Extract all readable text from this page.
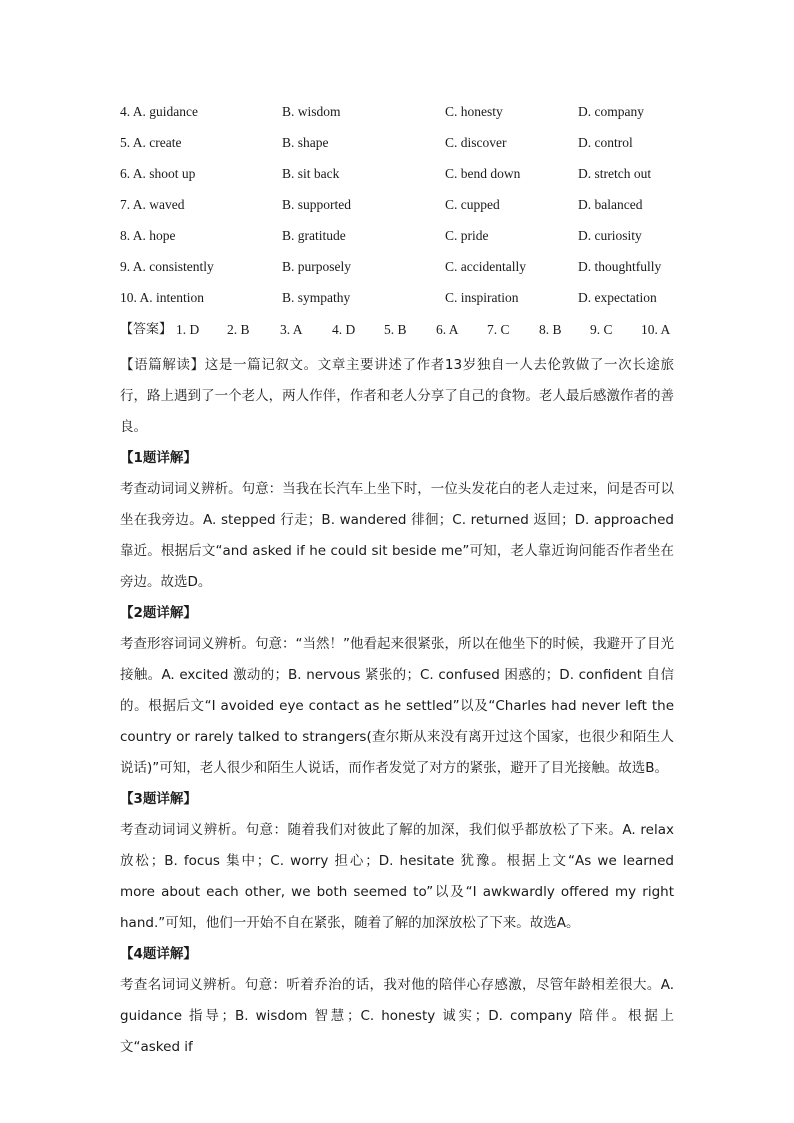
4. A. guidance	B. wisdom	C. honesty	D. company
5. A. create	B. shape	C. discover	D. control
6. A. shoot up	B. sit back	C. bend down	D. stretch out
7. A. waved	B. supported	C. cupped	D. balanced
8. A. hope	B. gratitude	C. pride	D. curiosity
9. A. consistently	B. purposely	C. accidentally	D. thoughtfully
10. A. intention	B. sympathy	C. inspiration	D. expectation
【答案】 1. D 2. B 3. A 4. D 5. B 6. A 7. C 8. B 9. C 10. A

【语篇解读】这是一篇记叙文。文章主要讲述了作者13岁独自一人去伦敦做了一次长途旅行，路上遇到了一个老人，两人作伴，作者和老人分享了自己的食物。老人最后感激作者的善良。

【1题详解】

考查动词词义辨析。句意：当我在长汽车上坐下时，一位头发花白的老人走过来，问是否可以坐在我旁边。A. stepped 行走；B. wandered 徘徊；C. returned 返回；D. approached 靠近。根据后文“and asked if he could sit beside me”可知，老人靠近询问能否作者坐在旁边。故选D。

【2题详解】

考查形容词词义辨析。句意：“当然！”他看起来很紧张，所以在他坐下的时候，我避开了目光接触。A. excited 激动的；B. nervous 紧张的；C. confused 困惑的；D. confident 自信的。根据后文“I avoided eye contact as he settled”以及“Charles had never left the country or rarely talked to strangers(查尔斯从来没有离开过这个国家，也很少和陌生人说话)”可知，老人很少和陌生人说话，而作者发觉了对方的紧张，避开了目光接触。故选B。

【3题详解】

考查动词词义辨析。句意：随着我们对彼此了解的加深，我们似乎都放松了下来。A. relax 放松；B. focus 集中；C. worry 担心；D. hesitate 犹豫。根据上文“As we learned more about each other, we both seemed to”以及“I awkwardly offered my right hand.”可知，他们一开始不自在紧张，随着了解的加深放松了下来。故选A。

【4题详解】

考查名词词义辨析。句意：听着乔治的话，我对他的陪伴心存感激，尽管年龄相差很大。A. guidance 指导；B. wisdom 智慧；C. honesty 诚实；D. company 陪伴。根据上文“asked if
